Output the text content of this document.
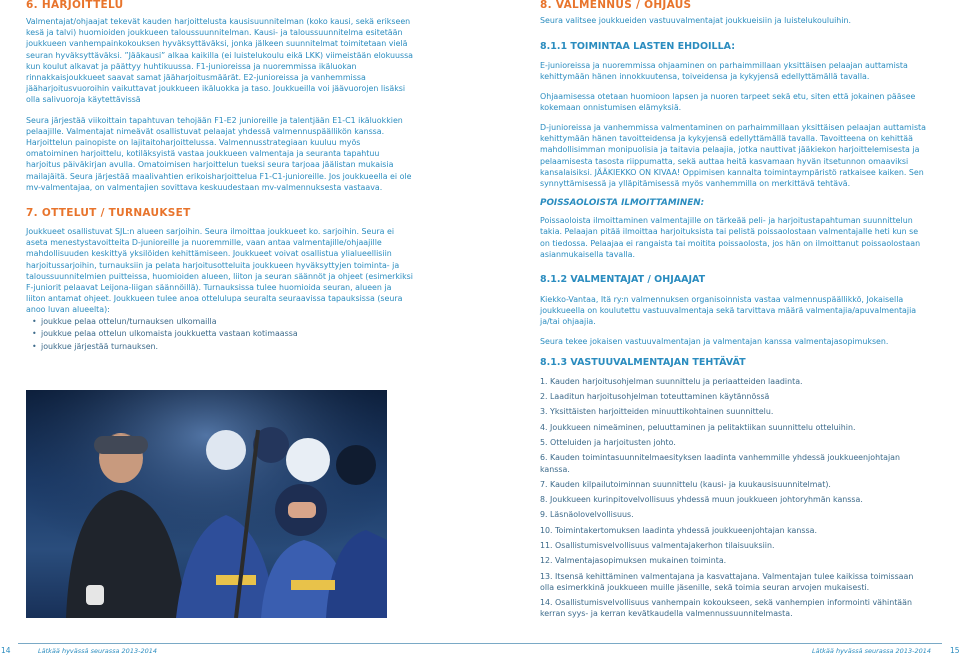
6. HARJOITTELU

Valmentajat/ohjaajat tekevät kauden harjoittelusta kausisuunnitelman (koko kausi, sekä erikseen kesä ja talvi) huomioiden joukkueen taloussuunnitelman. Kausi- ja taloussuunnitelma esitetään joukkueen vanhempainkokouksen hyväksyttäväksi, jonka jälkeen suunnitelmat toimitetaan vielä seuran hyväksyttäväksi. ”Jääkausi” alkaa kaikilla (ei luistelukoulu eikä LKK) viimeistään elokuussa kun koulut alkavat ja päättyy huhtikuussa. F1-junioreissa ja nuoremmissa ikäluokan rinnakkaisjoukkueet saavat samat jääharjoitusmäärät. E2-junioreissa ja vanhemmissa jääharjoitusvuoroihin vaikuttavat joukkueen ikäluokka ja taso. Joukkueilla voi jäävuorojen lisäksi olla salivuoroja käytettävissä

Seura järjestää viikoittain tapahtuvan tehojään F1-E2 junioreille ja talentjään E1-C1 ikäluokkien pelaajille. Valmentajat nimeävät osallistuvat pelaajat yhdessä valmennuspäällikön kanssa. Harjoittelun painopiste on lajitaitoharjoittelussa. Valmennusstrategiaan kuuluu myös omatoiminen harjoittelu, kotiläksyistä vastaa joukkueen valmentaja ja seuranta tapahtuu harjoitus päiväkirjan avulla. Omatoimisen harjoittelun tueksi seura tarjoaa jäälistan mukaisia mailajäitä. Seura järjestää maalivahtien erikoisharjoittelua F1-C1-junioreille. Jos joukkueella ei ole mv-valmentajaa, on valmentajien sovittava keskuudestaan mv-valmennuksesta vastaava.

7. OTTELUT / TURNAUKSET

Joukkueet osallistuvat SJL:n alueen sarjoihin. Seura ilmoittaa joukkueet ko. sarjoihin. Seura ei aseta menestystavoitteita D-junioreille ja nuoremmille, vaan antaa valmentajille/ohjaajille mahdollisuuden keskittyä yksilöiden kehittämiseen. Joukkueet voivat osallistua ylialueellisiin harjoitussarjoihin, turnauksiin ja pelata harjoitusotteluita joukkueen hyväksyttyjen toiminta- ja taloussuunnitelmien puitteissa, huomioiden alueen, liiton ja seuran säännöt ja ohjeet (esimerkiksi F-juniorit pelaavat Leijona-liigan säännöillä). Turnauksissa tulee huomioida seuran, alueen ja liiton antamat ohjeet. Joukkueen tulee anoa ottelulupa seuralta seuraavissa tapauksissa (seura anoo luvan alueelta):

• joukkue pelaa ottelun/turnauksen ulkomailla
• joukkue pelaa ottelun ulkomaista joukkuetta vastaan kotimaassa
• joukkue järjestää turnauksen.
14	Lätkää hyvässä seurassa 2013-2014
8. VALMENNUS / OHJAUS

Seura valitsee joukkueiden vastuuvalmentajat joukkueisiin ja luistelukouluihin.

8.1.1 TOIMINTAA LASTEN EHDOILLA:

E-junioreissa ja nuoremmissa ohjaaminen on parhaimmillaan yksittäisen pelaajan auttamista kehittymään hänen innokkuutensa, toiveidensa ja kykyjensä edellyttämällä tavalla.

Ohjaamisessa otetaan huomioon lapsen ja nuoren tarpeet sekä etu, siten että jokainen pääsee kokemaan onnistumisen elämyksiä.

D-junioreissa ja vanhemmissa valmentaminen on parhaimmillaan yksittäisen pelaajan auttamista kehittymään hänen tavoitteidensa ja kykyjensä edellyttämällä tavalla. Tavoitteena on kehittää mahdollisimman monipuolisia ja taitavia pelaajia, jotka nauttivat jääkiekon harjoittelemisesta ja pelaamisesta tasosta riippumatta, sekä auttaa heitä kasvamaan hyvän itsetunnon omaaviksi kansalaisiksi. JÄÄKIEKKO ON KIVAA! Oppimisen kannalta toimintaympäristö ratkaisee kaiken. Sen synnyttämisessä ja ylläpitämisessä myös vanhemmilla on merkittävä tehtävä.

POISSAOLOISTA ILMOITTAMINEN:

Poissaoloista ilmoittaminen valmentajille on tärkeää peli- ja harjoitustapahtuman suunnittelun takia. Pelaajan pitää ilmoittaa harjoituksista tai pelistä poissaolostaan valmentajalle heti kun se on tiedossa. Pelaajaa ei rangaista tai moitita poissaolosta, jos hän on ilmoittanut poissaolostaan asianmukaisella tavalla.

8.1.2 VALMENTAJAT / OHJAAJAT

Kiekko-Vantaa, Itä ry:n valmennuksen organisoinnista vastaa valmennuspäällikkö, Jokaisella joukkueella on koulutettu vastuuvalmentaja sekä tarvittava määrä valmentajia/apuvalmentajia ja/tai ohjaajia.

Seura tekee jokaisen vastuuvalmentajan ja valmentajan kanssa valmentajasopimuksen.

8.1.3 VASTUUVALMENTAJAN TEHTÄVÄT
1. Kauden harjoitusohjelman suunnittelu ja periaatteiden laadinta.
2. Laaditun harjoitusohjelman toteuttaminen käytännössä
3. Yksittäisten harjoitteiden minuuttikohtainen suunnittelu.
4. Joukkueen nimeäminen, peluuttaminen ja pelitaktiikan suunnittelu otteluihin.
5. Otteluiden ja harjoitusten johto.
6. Kauden toimintasuunnitelmaesityksen laadinta vanhemmille yhdessä joukkueenjohtajan kanssa.
7. Kauden kilpailutoiminnan suunnittelu (kausi- ja kuukausisuunnitelmat).
8. Joukkueen kurinpitovelvollisuus yhdessä muun joukkueen johtoryhmän kanssa.
9. Läsnäolovelvollisuus.
10. Toimintakertomuksen laadinta yhdessä joukkueenjohtajan kanssa.
11. Osallistumisvelvollisuus valmentajakerhon tilaisuuksiin.
12. Valmentajasopimuksen mukainen toiminta.
13. Itsensä kehittäminen valmentajana ja kasvattajana. Valmentajan tulee kaikissa toimissaan olla esimerkkinä joukkueen muille jäsenille, sekä toimia seuran arvojen mukaisesti.
14. Osallistumisvelvollisuus vanhempain kokoukseen, sekä vanhempien informointi vähintään kerran syys- ja kerran kevätkaudella valmennussuunnitelmasta.
Lätkää hyvässä seurassa 2013-2014	15
